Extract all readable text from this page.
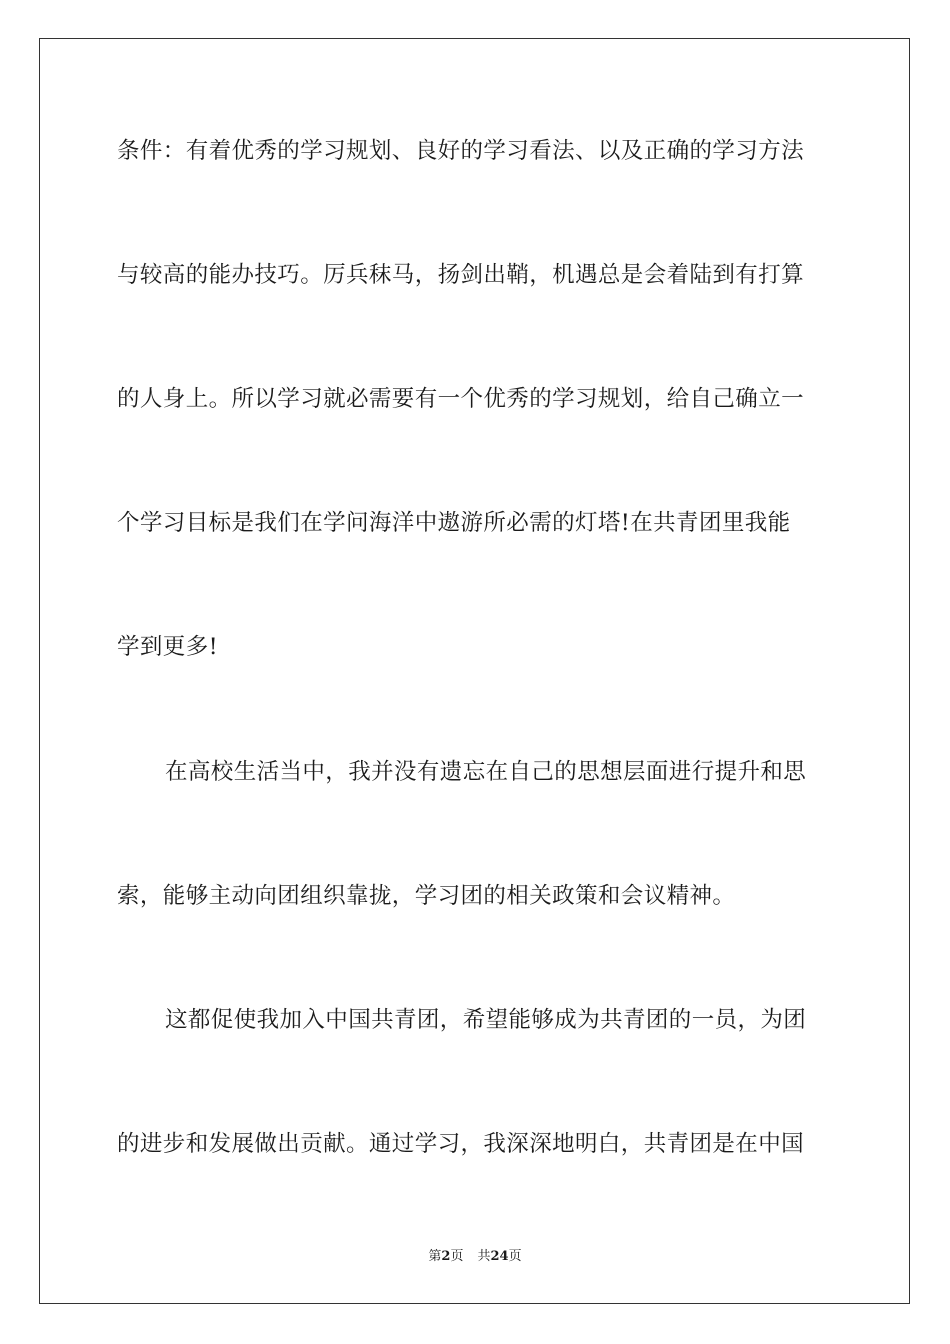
条件：有着优秀的学习规划、良好的学习看法、以及正确的学习方法
与较高的能办技巧。厉兵秣马，扬剑出鞘，机遇总是会着陆到有打算
的人身上。所以学习就必需要有一个优秀的学习规划，给自己确立一
个学习目标是我们在学问海洋中遨游所必需的灯塔!在共青团里我能
学到更多!
在高校生活当中，我并没有遗忘在自己的思想层面进行提升和思
索，能够主动向团组织靠拢，学习团的相关政策和会议精神。
这都促使我加入中国共青团，希望能够成为共青团的一员，为团
的进步和发展做出贡献。通过学习，我深深地明白，共青团是在中国
第2页 共24页
